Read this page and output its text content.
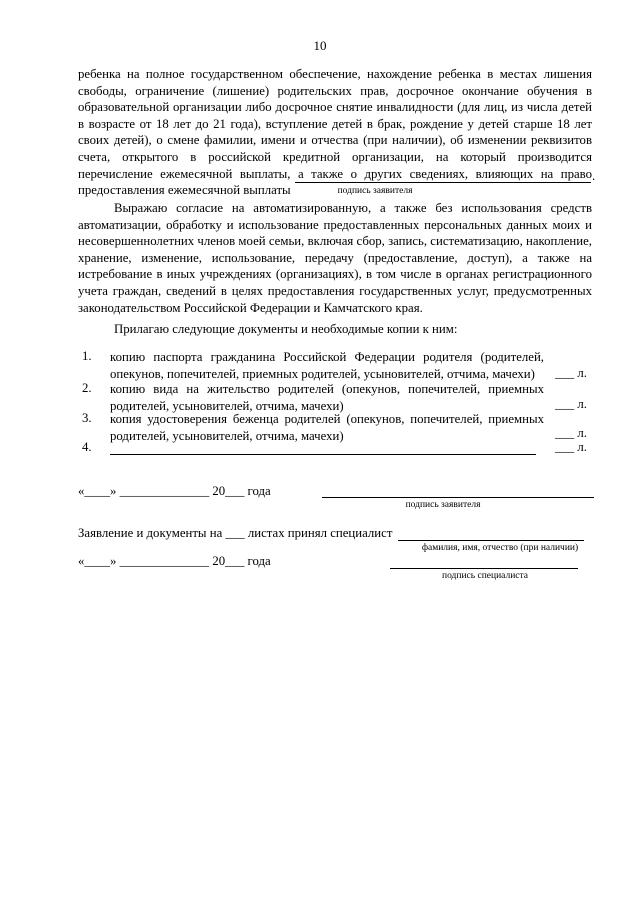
10
ребенка на полное государственном обеспечение, нахождение ребенка в местах лишения
свободы, ограничение (лишение) родительских прав, досрочное окончание обучения в
образовательной организации либо досрочное снятие инвалидности (для лиц, из числа детей
в возрасте от 18 лет до 21 года), вступление детей в брак, рождение у детей старше 18 лет
своих детей), о смене фамилии, имени и отчества (при наличии), об изменении реквизитов
счета, открытого в российской кредитной организации, на который производится
перечисление ежемесячной выплаты, а также о других сведениях, влияющих на право
предоставления ежемесячной выплаты
.
подпись заявителя
Выражаю согласие на автоматизированную, а также без использования средств
автоматизации, обработку и использование предоставленных персональных данных моих и
несовершеннолетних членов моей семьи, включая сбор, запись, систематизацию, накопление,
хранение, изменение, использование, передачу (предоставление, доступ), а также на
истребование в иных учреждениях (организациях), в том числе в органах регистрационного
учета граждан, сведений в целях предоставления государственных услуг, предусмотренных
законодательством Российской Федерации и Камчатского края.
Прилагаю следующие документы и необходимые копии к ним:
1. копию паспорта гражданина Российской Федерации родителя (родителей,
опекунов, попечителей, приемных родителей, усыновителей, отчима, мачехи)	___ л.
2. копию вида на жительство родителей (опекунов, попечителей, приемных
родителей, усыновителей, отчима, мачехи)	___ л.
3. копия удостоверения беженца родителей (опекунов, попечителей, приемных
родителей, усыновителей, отчима, мачехи)	___ л.
4.	___ л.
«____» ______________ 20___ года
подпись заявителя
Заявление и документы на ___ листах принял специалист
фамилия, имя, отчество (при наличии)
«____» ______________ 20___ года
подпись специалиста
